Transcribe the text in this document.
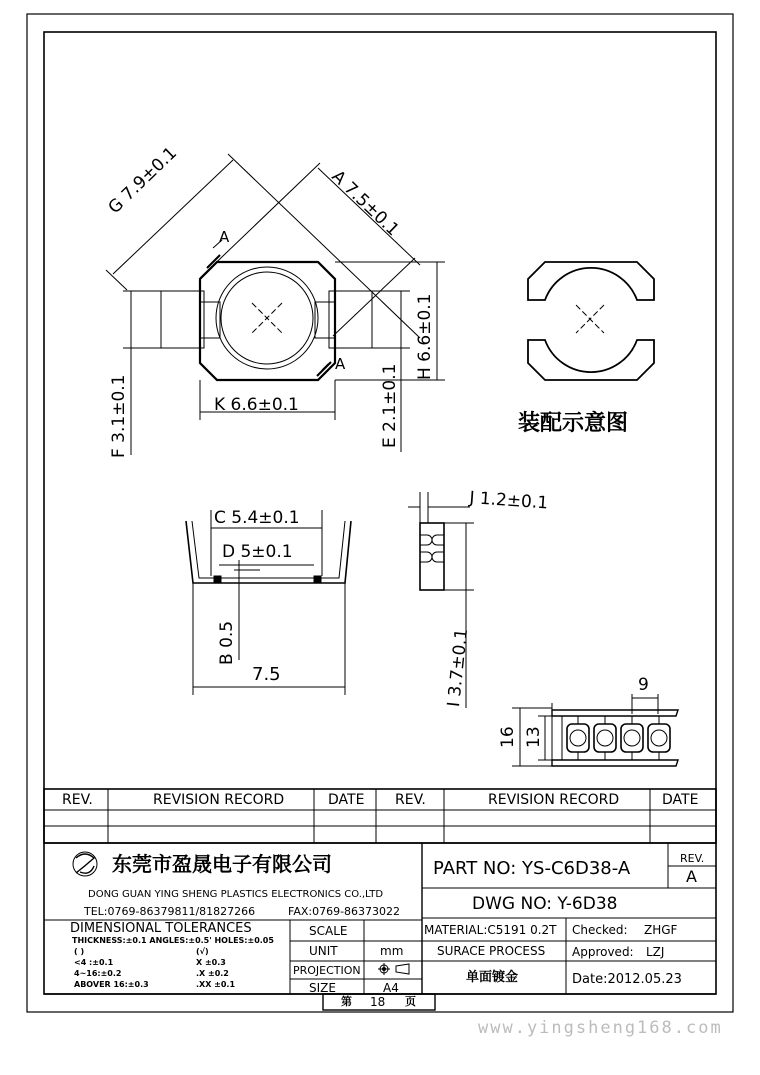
G 7.9±0.1	A 7.5±0.1
H 6.6±0.1
K 6.6±0.1
F 3.1±0.1	E 2.1±0.1
A
A
装配示意图
C 5.4±0.1
D 5±0.1
B 0.5
7.5
J 1.2±0.1
I 3.7±0.1	9
16 13
REV.	REVISION RECORD	DATE REV.	REVISION RECORD	DATE
东莞市盈晟电子有限公司
DONG GUAN YING SHENG PLASTICS ELECTRONICS CO.,LTD
TEL:0769-86379811/81827266	FAX:0769-86373022
PART NO: YS-C6D38-A	REV.
A
DWG NO: Y-6D38
DIMENSIONAL TOLERANCES
THICKNESS:±0.1 ANGLES:±0.5' HOLES:±0.05
( )
<4 :±0.1
4~16:±0.2
ABOVER 16:±0.3
(√)
X ±0.3
.X ±0.2
.XX ±0.1
SCALE
UNIT	mm
PROJECTION
SIZE	A4
MATERIAL:C5191 0.2T
SURACE PROCESS
单面镀金
Checked: ZHGF
Approved: LZJ
Date:2012.05.23
第 18 页
www.yingsheng168.com
